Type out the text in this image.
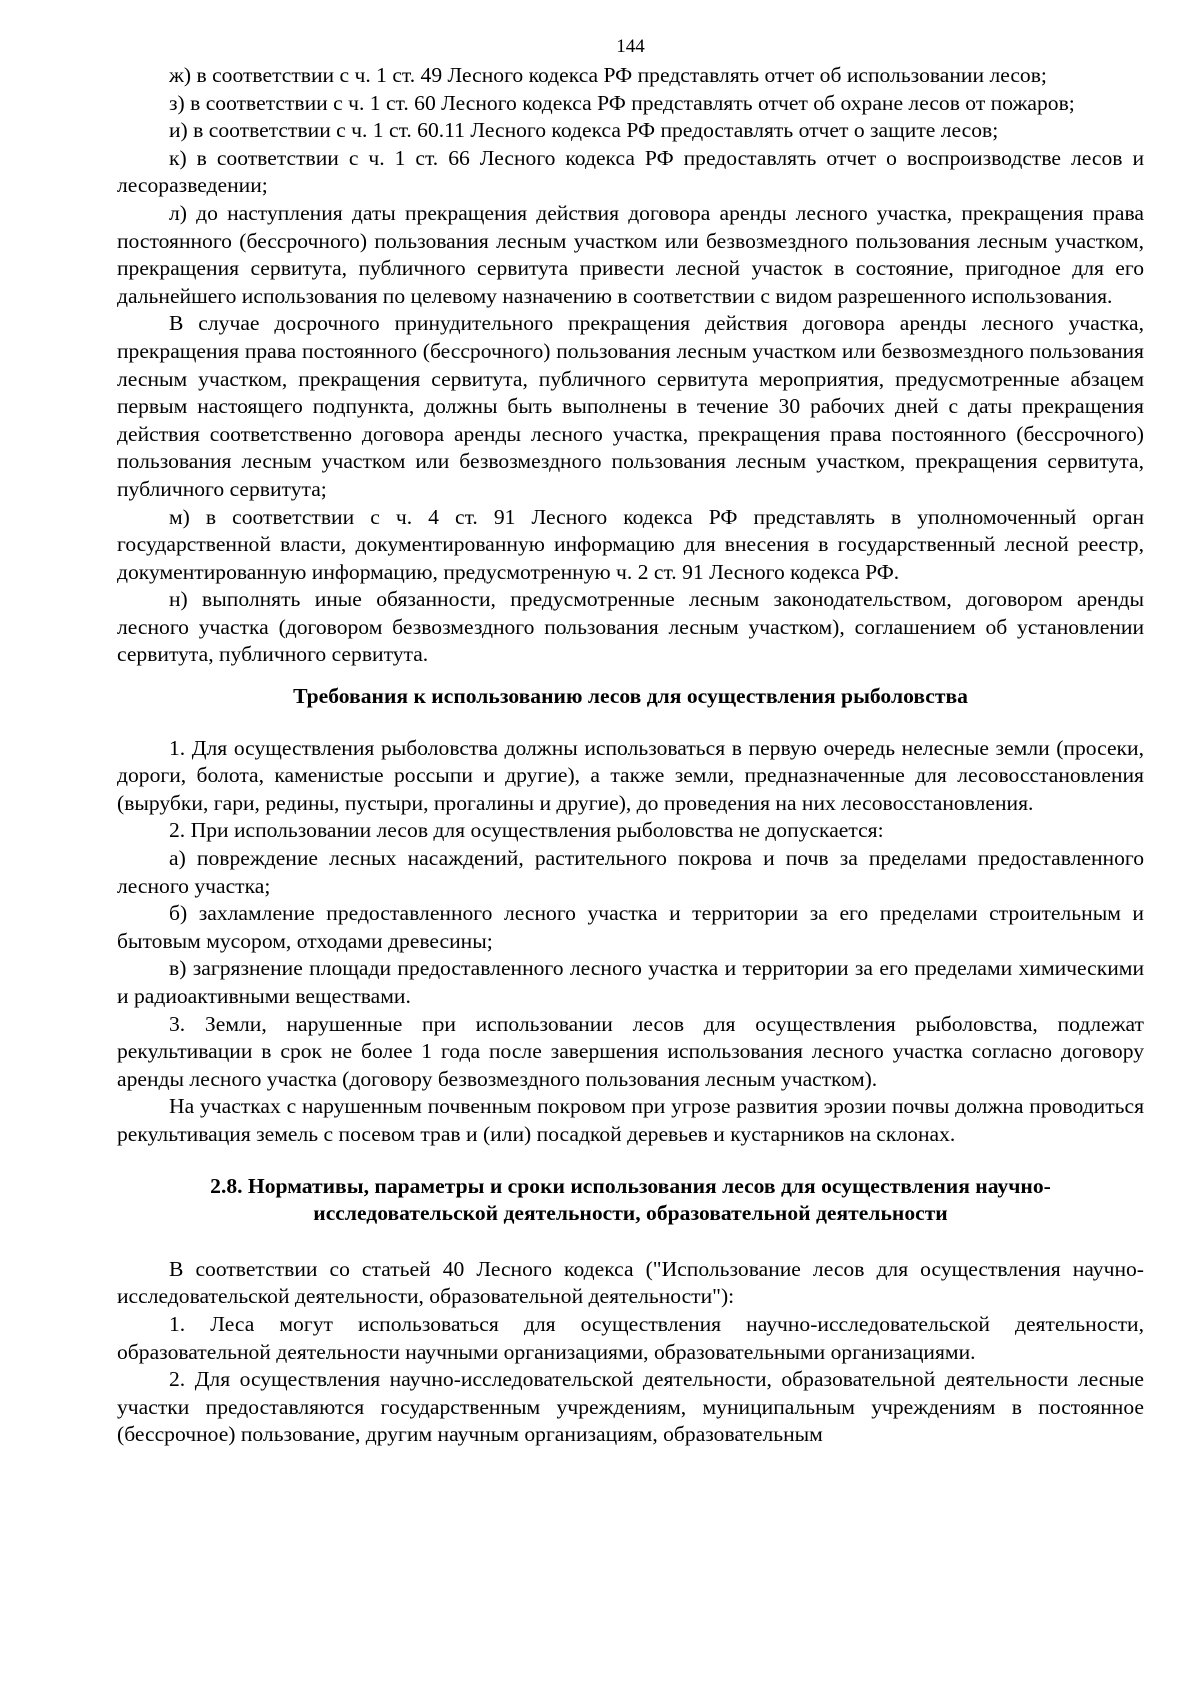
144

ж) в соответствии с ч. 1 ст. 49 Лесного кодекса РФ представлять отчет об использовании лесов;

з) в соответствии с ч. 1 ст. 60 Лесного кодекса РФ представлять отчет об охране лесов от пожаров;

и) в соответствии с ч. 1 ст. 60.11 Лесного кодекса РФ предоставлять отчет о защите лесов;

к) в соответствии с ч. 1 ст. 66 Лесного кодекса РФ предоставлять отчет о воспроизводстве лесов и лесоразведении;

л) до наступления даты прекращения действия договора аренды лесного участка, прекращения права постоянного (бессрочного) пользования лесным участком или безвозмездного пользования лесным участком, прекращения сервитута, публичного сервитута привести лесной участок в состояние, пригодное для его дальнейшего использования по целевому назначению в соответствии с видом разрешенного использования.

В случае досрочного принудительного прекращения действия договора аренды лесного участка, прекращения права постоянного (бессрочного) пользования лесным участком или безвозмездного пользования лесным участком, прекращения сервитута, публичного сервитута мероприятия, предусмотренные абзацем первым настоящего подпункта, должны быть выполнены в течение 30 рабочих дней с даты прекращения действия соответственно договора аренды лесного участка, прекращения права постоянного (бессрочного) пользования лесным участком или безвозмездного пользования лесным участком, прекращения сервитута, публичного сервитута;

м) в соответствии с ч. 4 ст. 91 Лесного кодекса РФ представлять в уполномоченный орган государственной власти, документированную информацию для внесения в государственный лесной реестр, документированную информацию, предусмотренную ч. 2 ст. 91 Лесного кодекса РФ.

н) выполнять иные обязанности, предусмотренные лесным законодательством, договором аренды лесного участка (договором безвозмездного пользования лесным участком), соглашением об установлении сервитута, публичного сервитута.

Требования к использованию лесов для осуществления рыболовства

1. Для осуществления рыболовства должны использоваться в первую очередь нелесные земли (просеки, дороги, болота, каменистые россыпи и другие), а также земли, предназначенные для лесовосстановления (вырубки, гари, редины, пустыри, прогалины и другие), до проведения на них лесовосстановления.

2. При использовании лесов для осуществления рыболовства не допускается:

а) повреждение лесных насаждений, растительного покрова и почв за пределами предоставленного лесного участка;

б) захламление предоставленного лесного участка и территории за его пределами строительным и бытовым мусором, отходами древесины;

в) загрязнение площади предоставленного лесного участка и территории за его пределами химическими и радиоактивными веществами.

3. Земли, нарушенные при использовании лесов для осуществления рыболовства, подлежат рекультивации в срок не более 1 года после завершения использования лесного участка согласно договору аренды лесного участка (договору безвозмездного пользования лесным участком).

На участках с нарушенным почвенным покровом при угрозе развития эрозии почвы должна проводиться рекультивация земель с посевом трав и (или) посадкой деревьев и кустарников на склонах.

2.8. Нормативы, параметры и сроки использования лесов для осуществления научно-
исследовательской деятельности, образовательной деятельности

В соответствии со статьей 40 Лесного кодекса ("Использование лесов для осуществления научно-исследовательской деятельности, образовательной деятельности"):

1. Леса могут использоваться для осуществления научно-исследовательской деятельности, образовательной деятельности научными организациями, образовательными организациями.

2. Для осуществления научно-исследовательской деятельности, образовательной деятельности лесные участки предоставляются государственным учреждениям, муниципальным учреждениям в постоянное (бессрочное) пользование, другим научным организациям, образовательным
